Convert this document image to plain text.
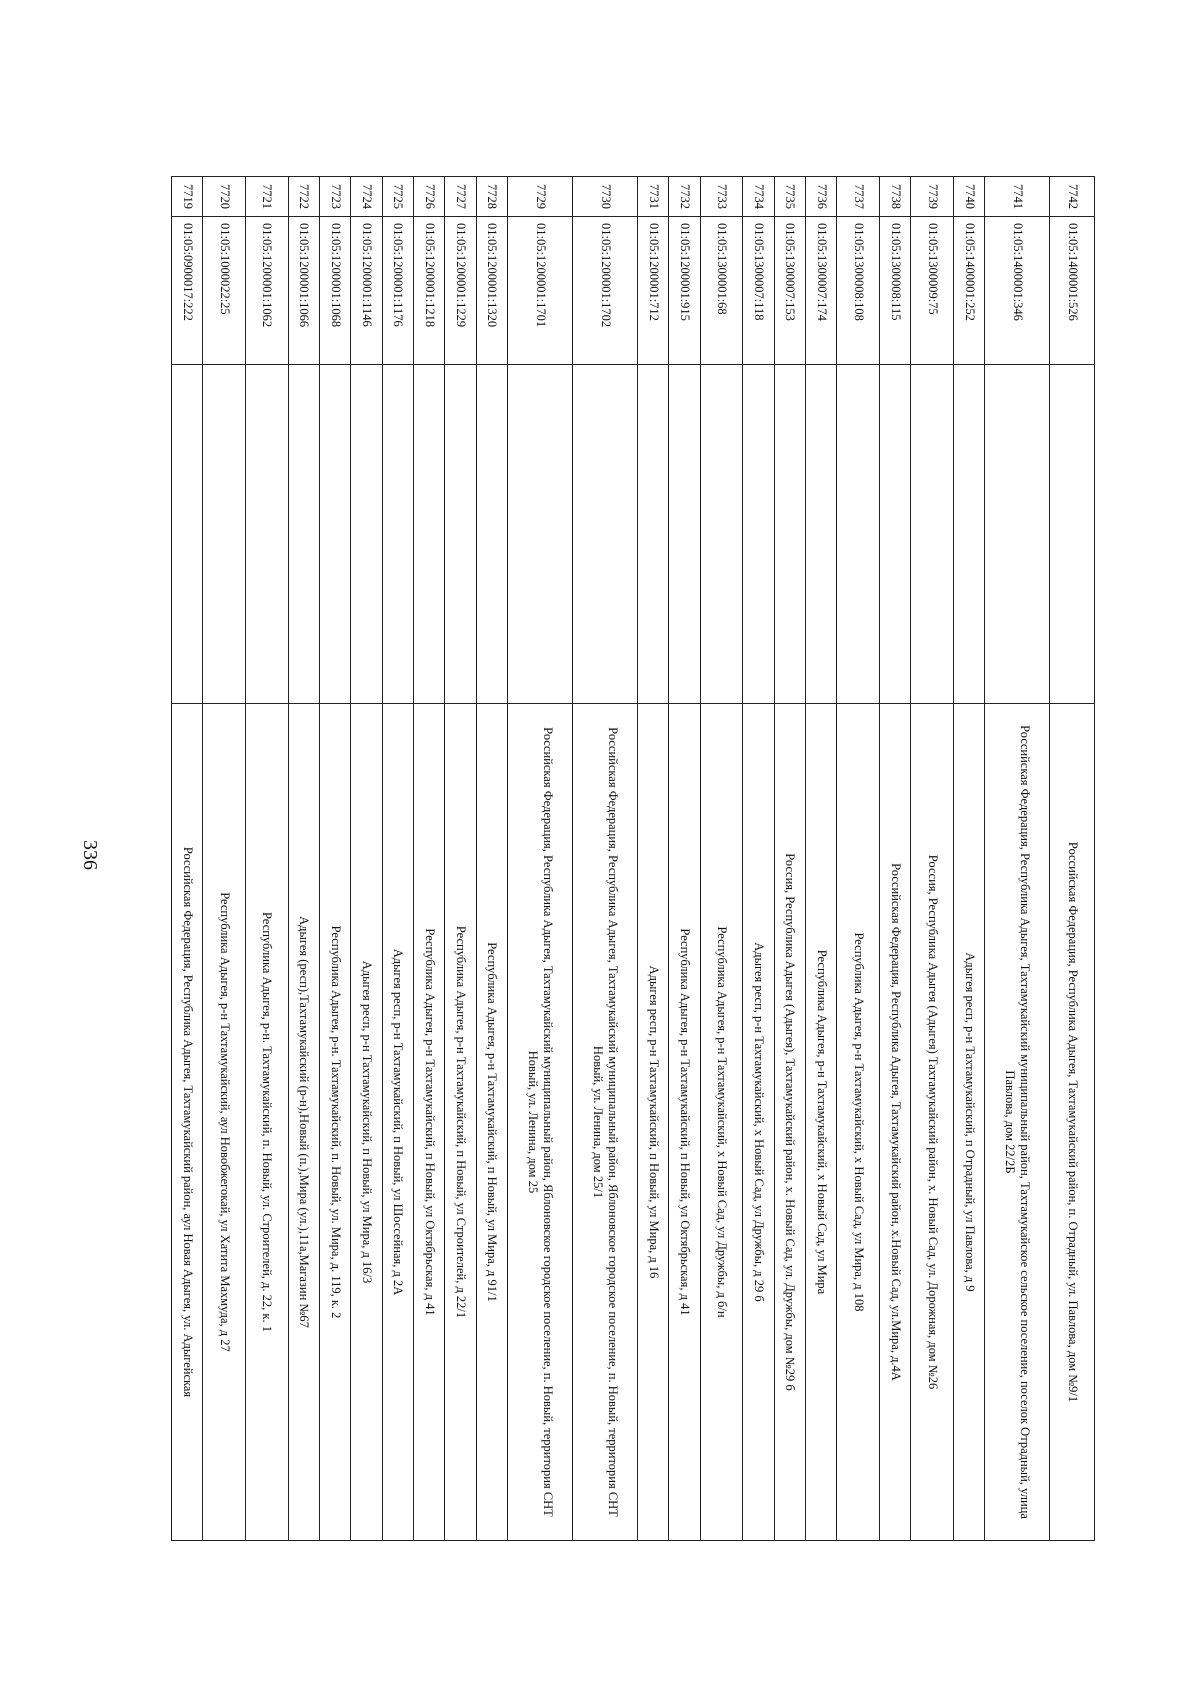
336
7742	01:05:1400001:526		Российская Федерация, Республика Адыгея, Тахтамукайский район, п. Отрадный, ул. Павлова, дом №9/1
7741	01:05:1400001:346		Российская Федерация, Республика Адыгея, Тахтамукайский муниципальный район, Тахтамукайское сельское поселение, поселок Отрадный, улица Павлова, дом 22/2Б
7740	01:05:1400001:252		Адыгея респ, р-н Тахтамукайский, п Отрадный, ул Павлова, д 9
7739	01:05:1300009:75		Россия, Республика Адыгея (Адыгея) Тахтамукайский район, х. Новый Сад, ул. Дорожная, дом №26
7738	01:05:1300008:115		Российская Федерация, Республика Адыгея, Тахтамукайский район, х.Новый Сад, ул.Мира, д.4А
7737	01:05:1300008:108		Республика Адыгея, р-н Тахтамукайский, х Новый Сад, ул Мира, д 108
7736	01:05:1300007:174		Республика Адыгея, р-н Тахтамукайский, х Новый Сад, ул Мира
7735	01:05:1300007:153		Россия, Республика Адыгея (Адыгея), Тахтамукайский район, х. Новый Сад, ул. Дружбы, дом №29 б
7734	01:05:1300007:118		Адыгея респ, р-н Тахтамукайский, х Новый Сад, ул Дружбы, д 29 б
7733	01:05:1300001:68		Республика Адыгея, р-н Тахтамукайский, х Новый Сад, ул Дружбы, д б/н
7732	01:05:1200001:915		Республика Адыгея, р-н Тахтамукайский, п Новый, ул Октябрьская, д 41
7731	01:05:1200001:712		Адыгея респ, р-н Тахтамукайский, п Новый, ул Мира, д 16
7730	01:05:1200001:1702		Российская Федерация, Республика Адыгея, Тахтамукайский муниципальный район, Яблоновское городское поселение, п. Новый, территория СНТ Новый, ул. Ленина, дом 25/1
7729	01:05:1200001:1701		Российская Федерация, Республика Адыгея, Тахтамукайский муниципальный район, Яблоновское городское поселение, п. Новый, территория СНТ Новый, ул. Ленина, дом 25
7728	01:05:1200001:1320		Республика Адыгея, р-н Тахтамукайский, п Новый, ул Мира, д 91/1
7727	01:05:1200001:1229		Республика Адыгея, р-н Тахтамукайский, п Новый, ул Строителей, д 22/1
7726	01:05:1200001:1218		Республика Адыгея, р-н Тахтамукайский, п Новый, ул Октябрьская, д 41
7725	01:05:1200001:1176		Адыгея респ, р-н Тахтамукайский, п Новый, ул Шоссейная, д 2А
7724	01:05:1200001:1146		Адыгея респ, р-н Тахтамукайский, п Новый, ул Мира, д 16/3
7723	01:05:1200001:1068		Республика Адыгея, р-н. Тахтамукайский, п. Новый, ул. Мира, д. 119, к. 2
7722	01:05:1200001:1066		Адыгея (респ),Тахтамукайский (р-н),Новый (п.),Мира (ул.),11а,Магазин №67
7721	01:05:1200001:1062		Республика Адыгея, р-н. Тахтамукайский, п. Новый, ул. Строителей, д. 22, к. 1
7720	01:05:1000022:25		Республика Адыгея, р-н Тахтамукайский, аул Новобжегокай, ул Хатита Махмуда, д 27
7719	01:05:0900017:222		Российская Федерация, Республика Адыгея, Тахтамукайский район, аул Новая Адыгея, ул. Адыгейская
